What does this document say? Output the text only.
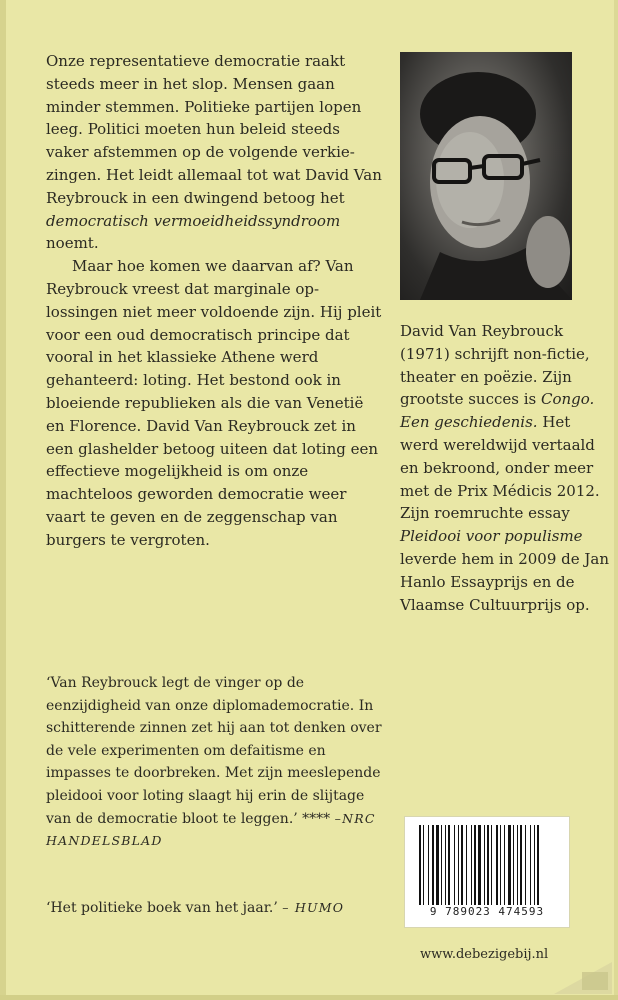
Onze representatieve democratie raakt steeds meer in het slop. Mensen gaan minder stemmen. Politieke partijen lopen leeg. Politici moeten hun beleid steeds vaker afstemmen op de volgende verkie-zingen. Het leidt allemaal tot wat David Van Reybrouck in een dwingend betoog het democratisch vermoeidheidssyndroom noemt.

Maar hoe komen we daarvan af? Van Reybrouck vreest dat marginale op-lossingen niet meer voldoende zijn. Hij pleit voor een oud democratisch principe dat vooral in het klassieke Athene werd gehanteerd: loting. Het bestond ook in bloeiende republieken als die van Venetië en Florence. David Van Reybrouck zet in een glashelder betoog uiteen dat loting een effectieve mogelijkheid is om onze machteloos geworden democratie weer vaart te geven en de zeggenschap van burgers te vergroten.

David Van Reybrouck (1971) schrijft non-fictie, theater en poëzie. Zijn grootste succes is Congo. Een geschiedenis. Het werd wereldwijd vertaald en bekroond, onder meer met de Prix Médicis 2012. Zijn roemruchte essay Pleidooi voor populisme leverde hem in 2009 de Jan Hanlo Essayprijs en de Vlaamse Cultuurprijs op.

‘Van Reybrouck legt de vinger op de eenzijdigheid van onze diplomademocratie. In schitterende zinnen zet hij aan tot denken over de vele experimenten om defaitisme en impasses te doorbreken. Met zijn meeslepende pleidooi voor loting slaagt hij erin de slijtage van de democratie bloot te leggen.’ **** –NRC HANDELSBLAD

‘Het politieke boek van het jaar.’ – HUMO	9 789023 474593
www.debezigebij.nl
